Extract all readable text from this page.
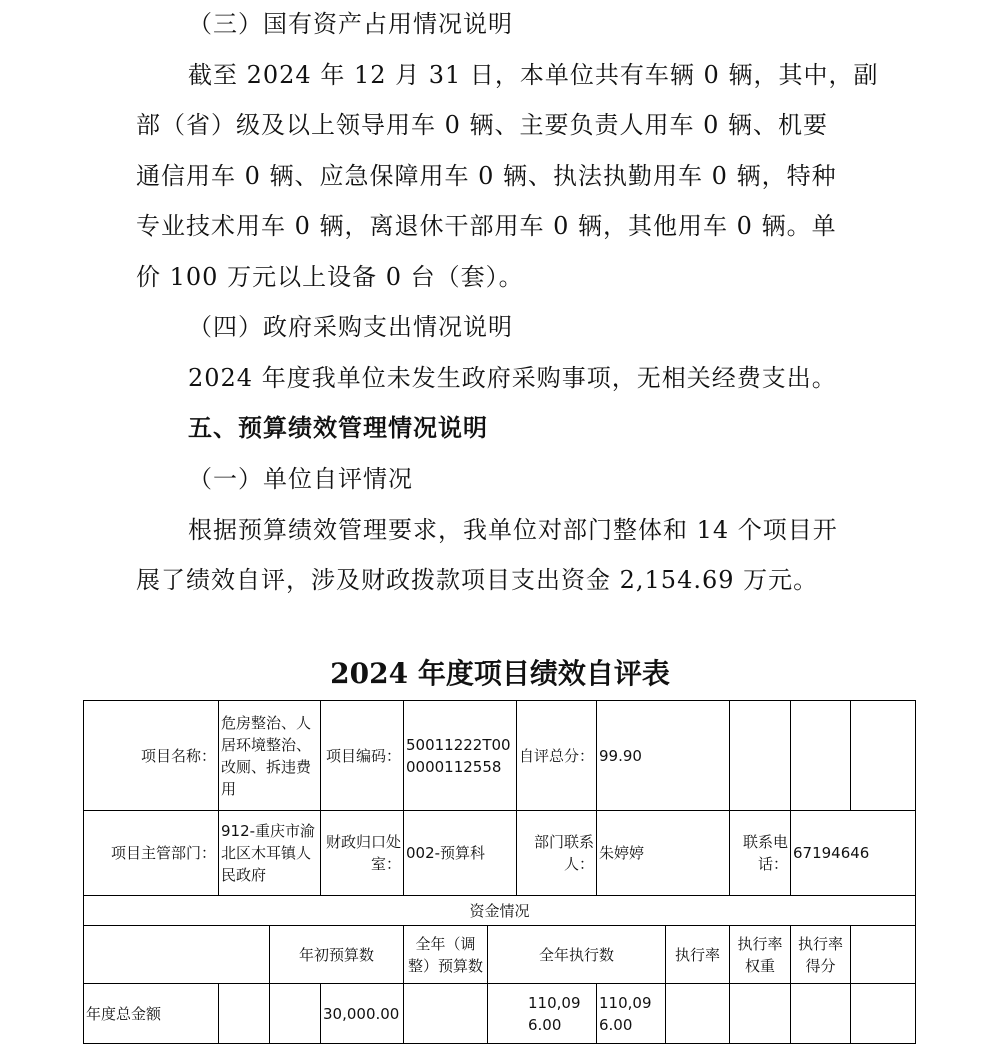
（三）国有资产占用情况说明
截至 2024 年 12 月 31 日，本单位共有车辆 0 辆，其中，副
部（省）级及以上领导用车 0 辆、主要负责人用车 0 辆、机要
通信用车 0 辆、应急保障用车 0 辆、执法执勤用车 0 辆，特种
专业技术用车 0 辆，离退休干部用车 0 辆，其他用车 0 辆。单
价 100 万元以上设备 0 台（套）。
（四）政府采购支出情况说明
2024 年度我单位未发生政府采购事项，无相关经费支出。
五、预算绩效管理情况说明
（一）单位自评情况
根据预算绩效管理要求，我单位对部门整体和 14 个项目开
展了绩效自评，涉及财政拨款项目支出资金 2,154.69 万元。
2024 年度项目绩效自评表
项目名称：	危房整治、人居环境整治、改厕、拆违费用		项目编码：	50011222T000000112558		自评总分：	99.90				
项目主管部门：	912-重庆市渝北区木耳镇人民政府		财政归口处室：	002-预算科		部门联系人：	朱婷婷		联系电话：	67194646	
资金情况											
		年初预算数		全年（调整）预算数	全年执行数			执行率	执行率权重	执行率得分	
年度总金额			30,000.00		110,096.00		110,096.00				
